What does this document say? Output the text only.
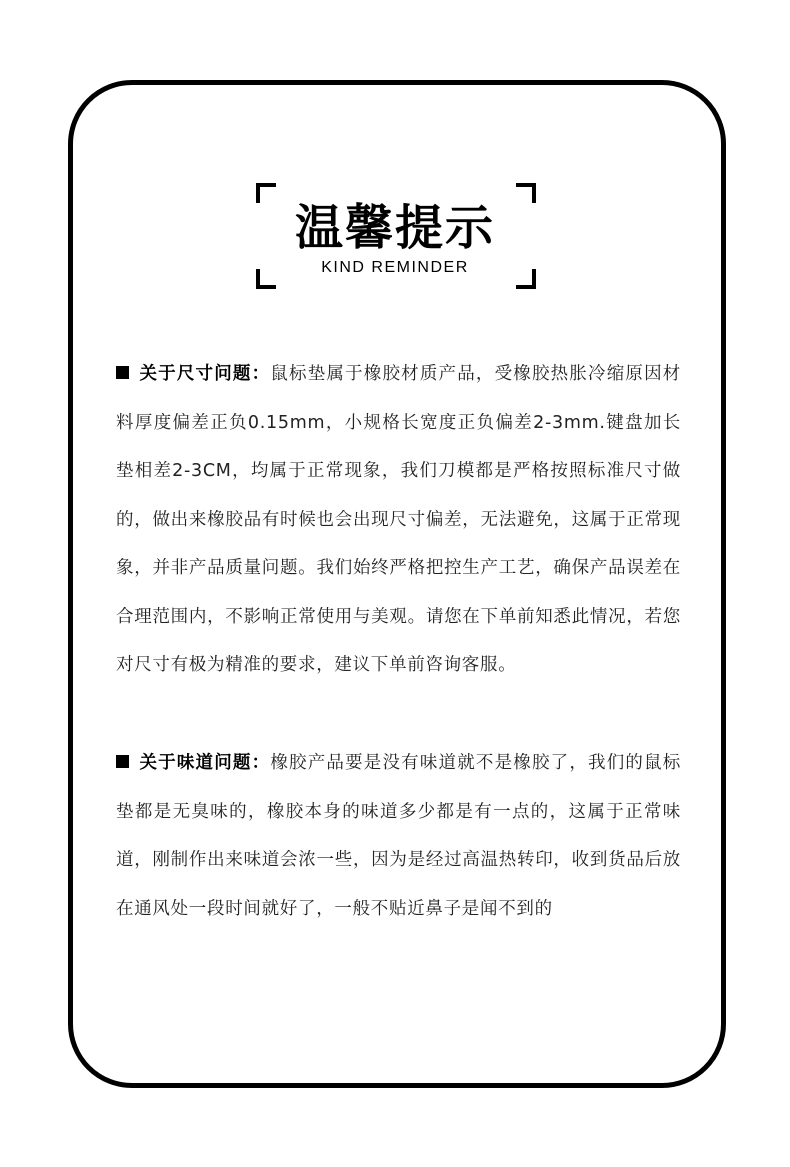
温馨提示
KIND REMINDER
关于尺寸问题：鼠标垫属于橡胶材质产品，受橡胶热胀冷缩原因材料厚度偏差正负0.15mm，小规格长宽度正负偏差2-3mm.键盘加长垫相差2-3CM，均属于正常现象，我们刀模都是严格按照标准尺寸做的，做出来橡胶品有时候也会出现尺寸偏差，无法避免，这属于正常现象，并非产品质量问题。我们始终严格把控生产工艺，确保产品误差在合理范围内，不影响正常使用与美观。请您在下单前知悉此情况，若您对尺寸有极为精准的要求，建议下单前咨询客服。
关于味道问题：橡胶产品要是没有味道就不是橡胶了，我们的鼠标垫都是无臭味的，橡胶本身的味道多少都是有一点的，这属于正常味道，刚制作出来味道会浓一些，因为是经过高温热转印，收到货品后放在通风处一段时间就好了，一般不贴近鼻子是闻不到的
